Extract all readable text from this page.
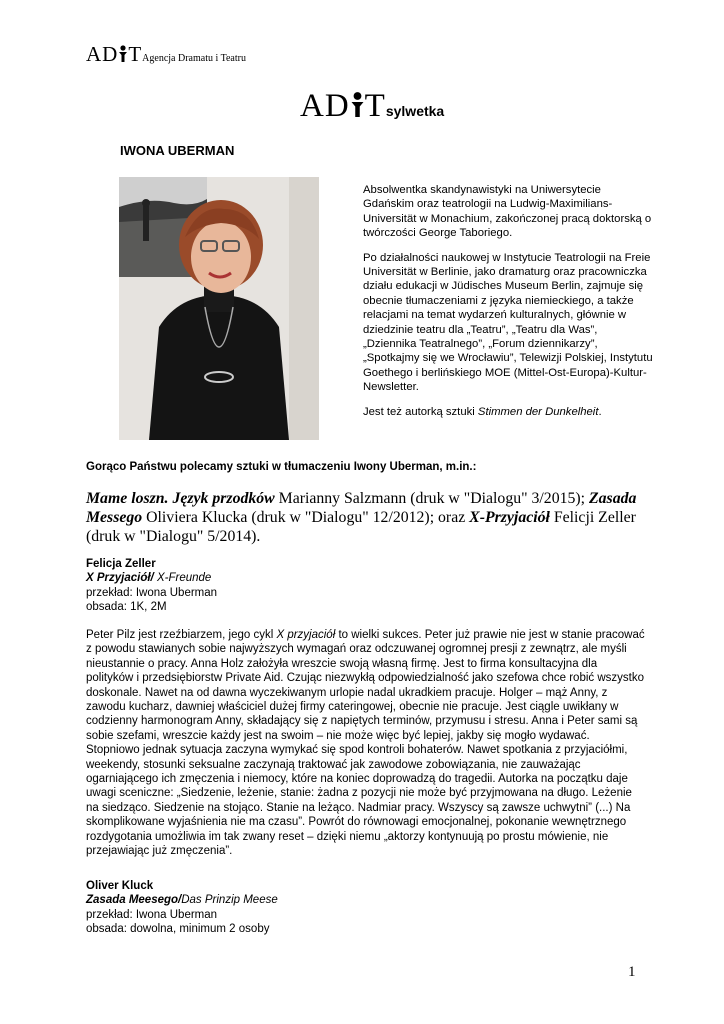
AD TAgencja Dramatu i Teatru
AD Tsylwetka
IWONA UBERMAN

Absolwentka skandynawistyki na Uniwersytecie Gdańskim oraz teatrologii na Ludwig-Maximilians-Universität w Monachium, zakończonej pracą doktorską o twórczości George Taboriego.

Po działalności naukowej w Instytucie Teatrologii na Freie Universität w Berlinie, jako dramaturg oraz pracowniczka działu edukacji w Jüdisches Museum Berlin, zajmuje się obecnie tłumaczeniami z języka niemieckiego, a także relacjami na temat wydarzeń kulturalnych, głównie w dziedzinie teatru dla „Teatru”, „Teatru dla Was”, „Dziennika Teatralnego”, „Forum dziennikarzy”, „Spotkajmy się we Wrocławiu”, Telewizji Polskiej, Instytutu Goethego i berlińskiego MOE (Mittel-Ost-Europa)-Kultur-Newsletter.

Jest też autorką sztuki Stimmen der Dunkelheit.

Gorąco Państwu polecamy sztuki w tłumaczeniu Iwony Uberman, m.in.:
Mame loszn. Język przodków Marianny Salzmann (druk w "Dialogu" 3/2015); Zasada Messego Oliviera Klucka (druk w "Dialogu" 12/2012); oraz X-Przyjaciół Felicji Zeller (druk w "Dialogu" 5/2014).
Felicja Zeller
X Przyjaciół/ X-Freunde
przekład: Iwona Uberman
obsada: 1K, 2M
Peter Pilz jest rzeźbiarzem, jego cykl X przyjaciół to wielki sukces. Peter już prawie nie jest w stanie pracować z powodu stawianych sobie najwyższych wymagań oraz odczuwanej ogromnej presji z zewnątrz, ale myśli nieustannie o pracy. Anna Holz założyła wreszcie swoją własną firmę. Jest to firma konsultacyjna dla polityków i przedsiębiorstw Private Aid. Czując niezwykłą odpowiedzialność jako szefowa chce robić wszystko doskonale. Nawet na od dawna wyczekiwanym urlopie nadal ukradkiem pracuje. Holger – mąż Anny, z zawodu kucharz, dawniej właściciel dużej firmy cateringowej, obecnie nie pracuje. Jest ciągle uwikłany w codzienny harmonogram Anny, składający się z napiętych terminów, przymusu i stresu. Anna i Peter sami są sobie szefami, wreszcie każdy jest na swoim – nie może więc być lepiej, jakby się mogło wydawać. Stopniowo jednak sytuacja zaczyna wymykać się spod kontroli bohaterów. Nawet spotkania z przyjaciółmi, weekendy, stosunki seksualne zaczynają traktować jak zawodowe zobowiązania, nie zauważając ogarniającego ich zmęczenia i niemocy, które na koniec doprowadzą do tragedii. Autorka na początku daje uwagi sceniczne: „Siedzenie, leżenie, stanie: żadna z pozycji nie może być przyjmowana na długo. Leżenie na siedząco. Siedzenie na stojąco. Stanie na leżąco. Nadmiar pracy. Wszyscy są zawsze uchwytni” (...) Na skomplikowane wyjaśnienia nie ma czasu”. Powrót do równowagi emocjonalnej, pokonanie wewnętrznego rozdygotania umożliwia im tak zwany reset – dzięki niemu „aktorzy kontynuują po prostu mówienie, nie przejawiając już zmęczenia”.
Oliver Kluck
Zasada Meesego/Das Prinzip Meese
przekład: Iwona Uberman
obsada: dowolna, minimum 2 osoby
1
